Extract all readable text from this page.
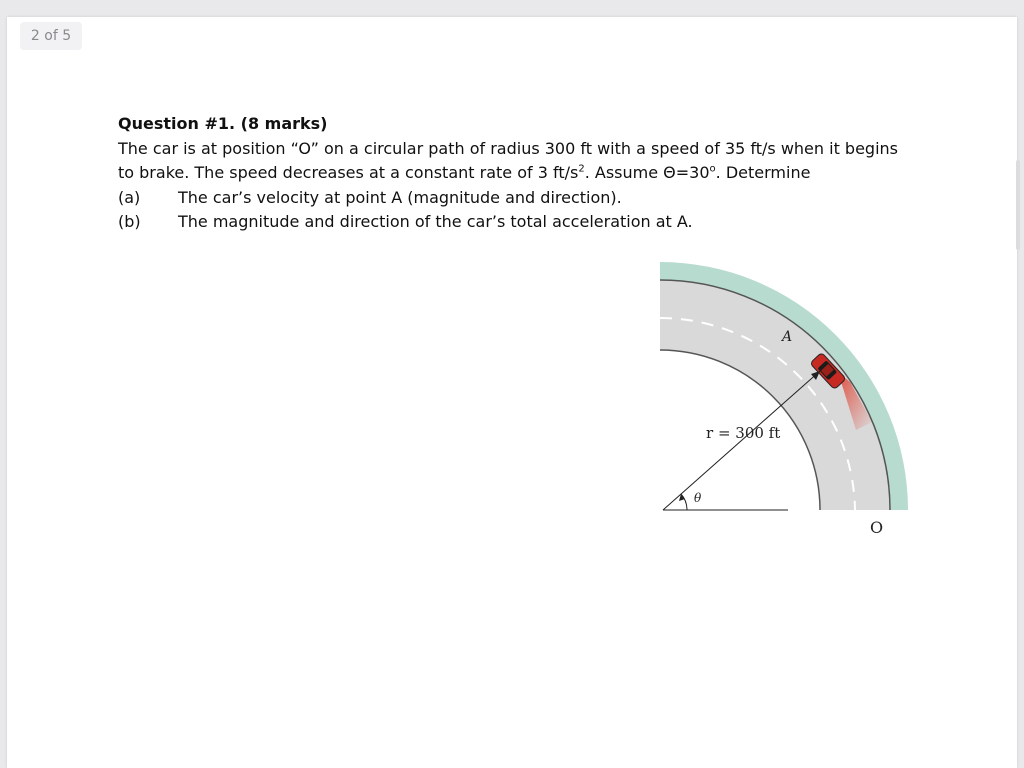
2 of 5
Question #1. (8 marks)
The car is at position “O” on a circular path of radius 300 ft with a speed of 35 ft/s when it begins to brake. The speed decreases at a constant rate of 3 $ft/s^2$. Assume $\Theta=30^o$. Determine
(a)	The car’s velocity at point A (magnitude and direction).
(b)	The magnitude and direction of the car’s total acceleration at A.
A
r = 300 ft
θ
O
